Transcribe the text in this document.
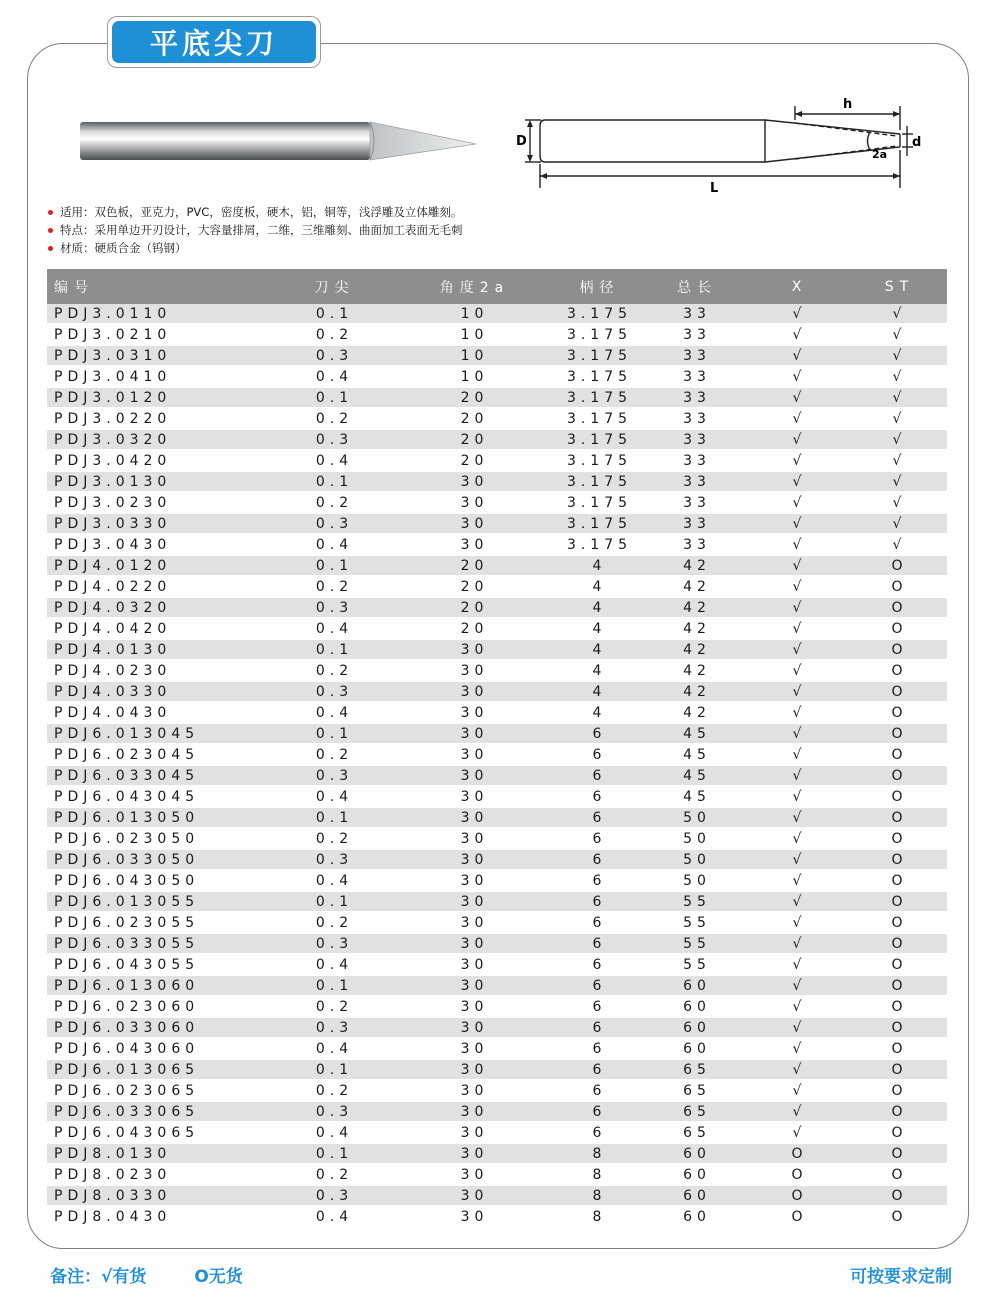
平底尖刀
D
h
d
2a
L
适用：双色板，亚克力，PVC，密度板，硬木，铝，铜等，浅浮雕及立体雕刻。
特点：采用单边开刃设计，大容量排屑，二维，三维雕刻、曲面加工表面无毛刺
材质：硬质合金（钨钢）
编号	刀尖	角度2a	柄径	总长	X	ST
PDJ3.0110	0.1	10	3.175	33	√	√
PDJ3.0210	0.2	10	3.175	33	√	√
PDJ3.0310	0.3	10	3.175	33	√	√
PDJ3.0410	0.4	10	3.175	33	√	√
PDJ3.0120	0.1	20	3.175	33	√	√
PDJ3.0220	0.2	20	3.175	33	√	√
PDJ3.0320	0.3	20	3.175	33	√	√
PDJ3.0420	0.4	20	3.175	33	√	√
PDJ3.0130	0.1	30	3.175	33	√	√
PDJ3.0230	0.2	30	3.175	33	√	√
PDJ3.0330	0.3	30	3.175	33	√	√
PDJ3.0430	0.4	30	3.175	33	√	√
PDJ4.0120	0.1	20	4	42	√	O
PDJ4.0220	0.2	20	4	42	√	O
PDJ4.0320	0.3	20	4	42	√	O
PDJ4.0420	0.4	20	4	42	√	O
PDJ4.0130	0.1	30	4	42	√	O
PDJ4.0230	0.2	30	4	42	√	O
PDJ4.0330	0.3	30	4	42	√	O
PDJ4.0430	0.4	30	4	42	√	O
PDJ6.013045	0.1	30	6	45	√	O
PDJ6.023045	0.2	30	6	45	√	O
PDJ6.033045	0.3	30	6	45	√	O
PDJ6.043045	0.4	30	6	45	√	O
PDJ6.013050	0.1	30	6	50	√	O
PDJ6.023050	0.2	30	6	50	√	O
PDJ6.033050	0.3	30	6	50	√	O
PDJ6.043050	0.4	30	6	50	√	O
PDJ6.013055	0.1	30	6	55	√	O
PDJ6.023055	0.2	30	6	55	√	O
PDJ6.033055	0.3	30	6	55	√	O
PDJ6.043055	0.4	30	6	55	√	O
PDJ6.013060	0.1	30	6	60	√	O
PDJ6.023060	0.2	30	6	60	√	O
PDJ6.033060	0.3	30	6	60	√	O
PDJ6.043060	0.4	30	6	60	√	O
PDJ6.013065	0.1	30	6	65	√	O
PDJ6.023065	0.2	30	6	65	√	O
PDJ6.033065	0.3	30	6	65	√	O
PDJ6.043065	0.4	30	6	65	√	O
PDJ8.0130	0.1	30	8	60	O	O
PDJ8.0230	0.2	30	8	60	O	O
PDJ8.0330	0.3	30	8	60	O	O
PDJ8.0430	0.4	30	8	60	O	O
备注：√有货	O无货	可按要求定制
